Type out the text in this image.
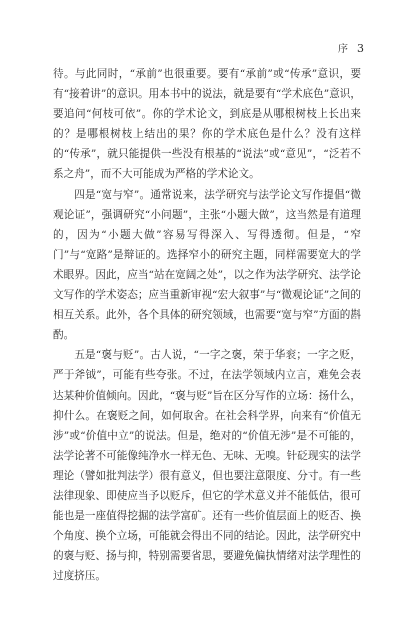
序 3

待。与此同时，“承前”也很重要。要有“承前”或“传承”意识，要有“接着讲”的意识。用本书中的说法，就是要有“学术底色”意识，要追问“何枝可依”。你的学术论文，到底是从哪根树枝上长出来的？是哪根树枝上结出的果？你的学术底色是什么？没有这样的“传承”，就只能提供一些没有根基的“说法”或“意见”，“泛若不系之舟”，而不大可能成为严格的学术论文。

四是“宽与窄”。通常说来，法学研究与法学论文写作提倡“微观论证”，强调研究“小问题”，主张“小题大做”，这当然是有道理的，因为“小题大做”容易写得深入、写得透彻。但是，“窄门”与“宽路”是辩证的。选择窄小的研究主题，同样需要宽大的学术眼界。因此，应当“站在宽阔之处”，以之作为法学研究、法学论文写作的学术姿态；应当重新审视“宏大叙事”与“微观论证”之间的相互关系。此外，各个具体的研究领域，也需要“宽与窄”方面的斟酌。

五是“褒与贬”。古人说，“一字之褒，荣于华衮；一字之贬，严于斧钺”，可能有些夸张。不过，在法学领域内立言，难免会表达某种价值倾向。因此，“褒与贬”旨在区分写作的立场：扬什么，抑什么。在褒贬之间，如何取舍。在社会科学界，向来有“价值无涉”或“价值中立”的说法。但是，绝对的“价值无涉”是不可能的，法学论著不可能像纯净水一样无色、无味、无嗅。针砭现实的法学理论（譬如批判法学）很有意义，但也要注意限度、分寸。有一些法律现象、即使应当予以贬斥，但它的学术意义并不能低估，很可能也是一座值得挖掘的法学富矿。还有一些价值层面上的贬否、换个角度、换个立场，可能就会得出不同的结论。因此，法学研究中的褒与贬、扬与抑，特别需要省思，要避免偏执情绪对法学理性的过度挤压。
